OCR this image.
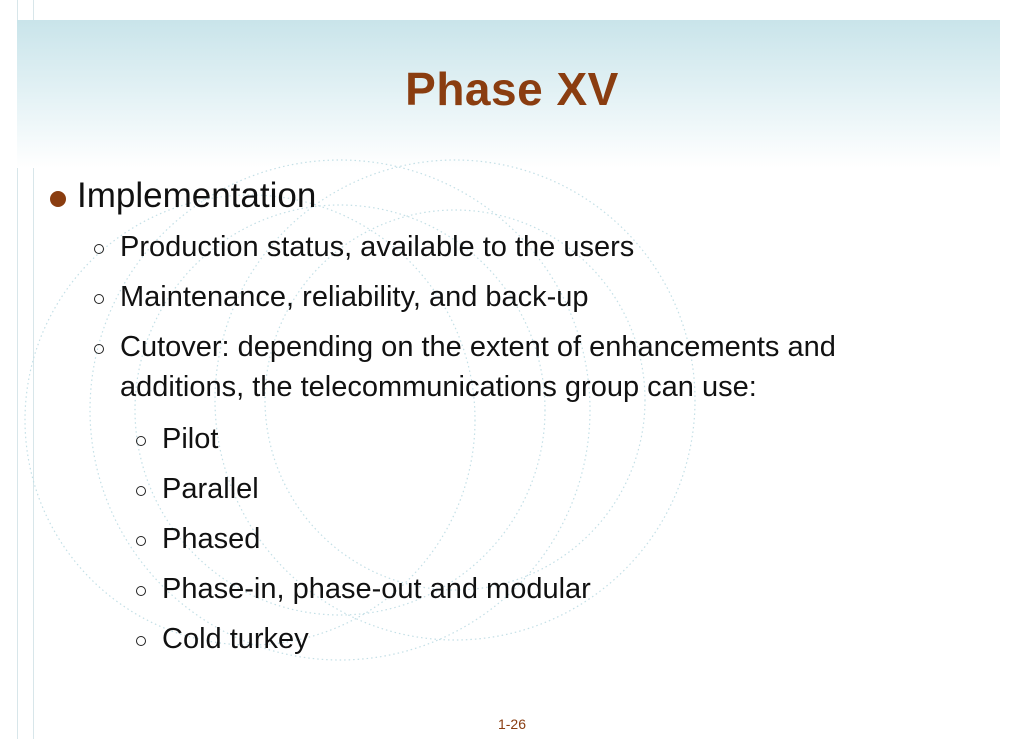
Phase XV
Implementation
Production status, available to the users
Maintenance, reliability, and back-up
Cutover: depending on the extent of enhancements and
additions, the telecommunications group can use:
Pilot
Parallel
Phased
Phase-in, phase-out and modular
Cold turkey
1-26
